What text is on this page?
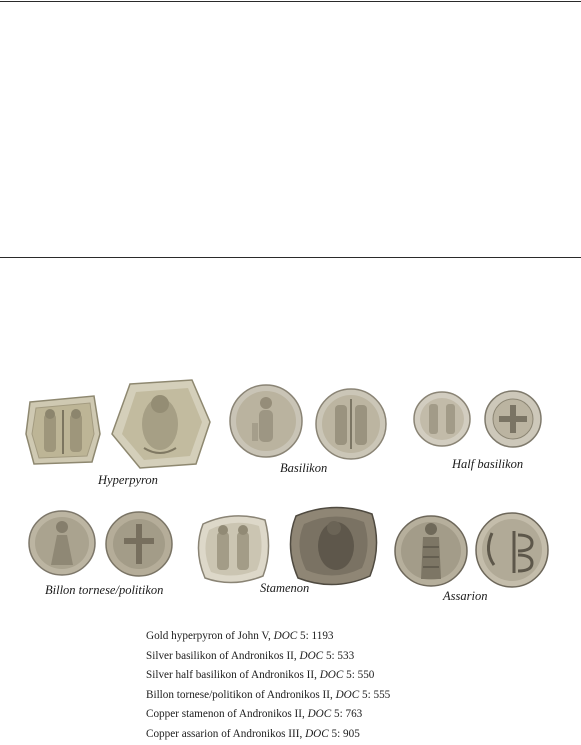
Hyperpyron
Basilikon	Half basilikon
Billon tornese/politikon	Stamenon
Assarion
Gold hyperpyron of John V, DOC 5: 1193
Silver basilikon of Andronikos II, DOC 5: 533
Silver half basilikon of Andronikos II, DOC 5: 550
Billon tornese/politikon of Andronikos II, DOC 5: 555
Copper stamenon of Andronikos II, DOC 5: 763
Copper assarion of Andronikos III, DOC 5: 905
